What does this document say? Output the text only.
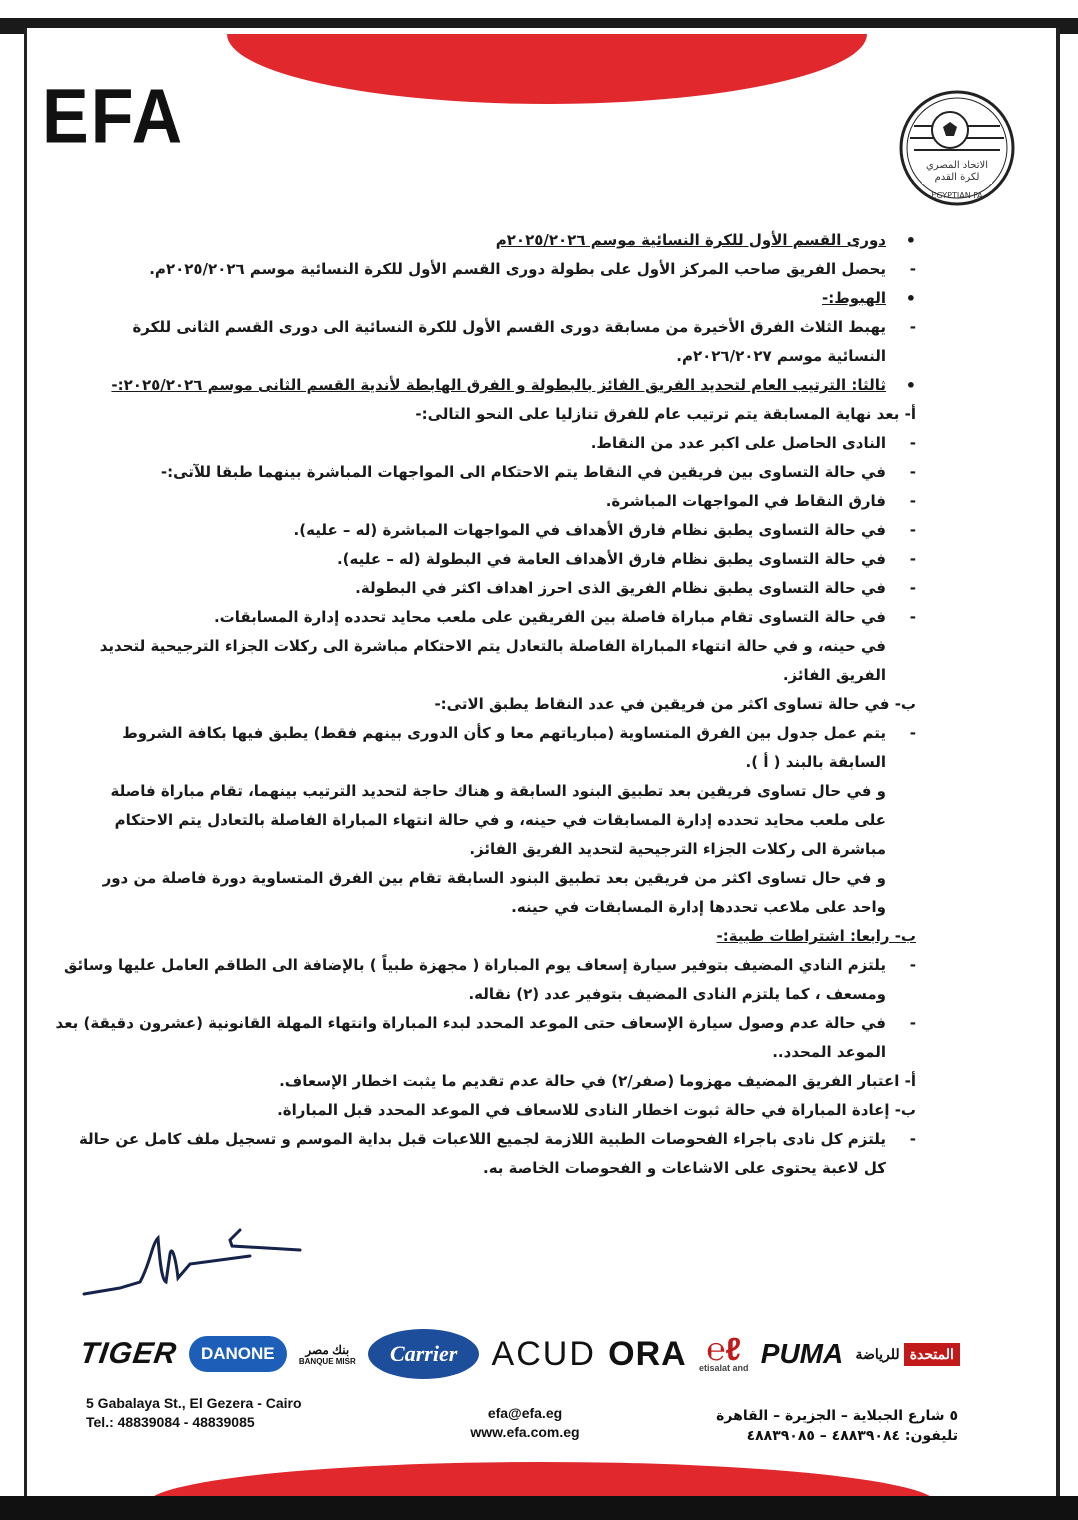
EFA
الاتحاد المصري
لكرة القدم
EGYPTIAN FA
•
دورى القسم الأول للكرة النسائية موسم ٢٠٢٥/٢٠٢٦م
-
يحصل الفريق صاحب المركز الأول على بطولة دورى القسم الأول للكرة النسائية موسم ٢٠٢٥/٢٠٢٦م.
•
الهبوط:-
-
يهبط الثلاث الفرق الأخيرة من مسابقة دورى القسم الأول للكرة النسائية الى دورى القسم الثانى للكرة
النسائية موسم ٢٠٢٦/٢٠٢٧م.
•
ثالثا: الترتيب العام لتحديد الفريق الفائز بالبطولة و الفرق الهابطة لأندية القسم الثانى موسم ٢٠٢٥/٢٠٢٦:-
أ- بعد نهاية المسابقة يتم ترتيب عام للفرق تنازليا على النحو التالى:-
-
النادى الحاصل على اكبر عدد من النقاط.
-
في حالة التساوى بين فريقين في النقاط يتم الاحتكام الى المواجهات المباشرة بينهما طبقا للآتى:-
-
فارق النقاط في المواجهات المباشرة.
-
في حالة التساوى يطبق نظام فارق الأهداف في المواجهات المباشرة (له – عليه).
-
في حالة التساوى يطبق نظام فارق الأهداف العامة في البطولة (له – عليه).
-
في حالة التساوى يطبق نظام الفريق الذى احرز اهداف اكثر في البطولة.
-
في حالة التساوى تقام مباراة فاصلة بين الفريقين على ملعب محايد تحدده إدارة المسابقات.
في حينه، و في حالة انتهاء المباراة الفاصلة بالتعادل يتم الاحتكام مباشرة الى ركلات الجزاء الترجيحية لتحديد
الفريق الفائز.
ب- في حالة تساوى اكثر من فريقين في عدد النقاط يطبق الاتى:-
-
يتم عمل جدول بين الفرق المتساوية (مبارياتهم معا و كأن الدورى بينهم فقط) يطبق فيها بكافة الشروط
السابقة بالبند ( أ ).
و في حال تساوى فريقين بعد تطبيق البنود السابقة و هناك حاجة لتحديد الترتيب بينهما، تقام مباراة فاصلة
على ملعب محايد تحدده إدارة المسابقات في حينه، و في حالة انتهاء المباراة الفاصلة بالتعادل يتم الاحتكام
مباشرة الى ركلات الجزاء الترجيحية لتحديد الفريق الفائز.
و في حال تساوى اكثر من فريقين بعد تطبيق البنود السابقة تقام بين الفرق المتساوية دورة فاصلة من دور
واحد على ملاعب تحددها إدارة المسابقات في حينه.
ب- رابعا: اشتراطات طبية:-
-
يلتزم النادي المضيف بتوفير سيارة إسعاف يوم المباراة ( مجهزة طبياً ) بالإضافة الى الطاقم العامل عليها وسائق
ومسعف ، كما يلتزم النادى المضيف بتوفير عدد (٢) نقاله.
-
في حالة عدم وصول سيارة الإسعاف حتى الموعد المحدد لبدء المباراة وانتهاء المهلة القانونية (عشرون دقيقة) بعد
الموعد المحدد..
أ- اعتبار الفريق المضيف مهزوما (صفر/٢) في حالة عدم تقديم ما يثبت اخطار الإسعاف.
ب- إعادة المباراة في حالة ثبوت اخطار النادى للاسعاف في الموعد المحدد قبل المباراة.
-
يلتزم كل نادى باجراء الفحوصات الطبية اللازمة لجميع اللاعبات قبل بداية الموسم و تسجيل ملف كامل عن حالة
كل لاعبة يحتوى على الاشاعات و الفحوصات الخاصة به.
TIGER	DANONE	بنك مصر
BANQUE MISR	Carrier	ACUD ORA ℮ℓ
etisalat and PUMA	المتحدة
للرياضة
5 Gabalaya St., El Gezera - Cairo
Tel.: 48839084 - 48839085
efa@efa.eg
www.efa.com.eg
٥ شارع الجبلاية – الجزيرة – القاهرة
تليفون: ٤٨٨٣٩٠٨٤ – ٤٨٨٣٩٠٨٥
